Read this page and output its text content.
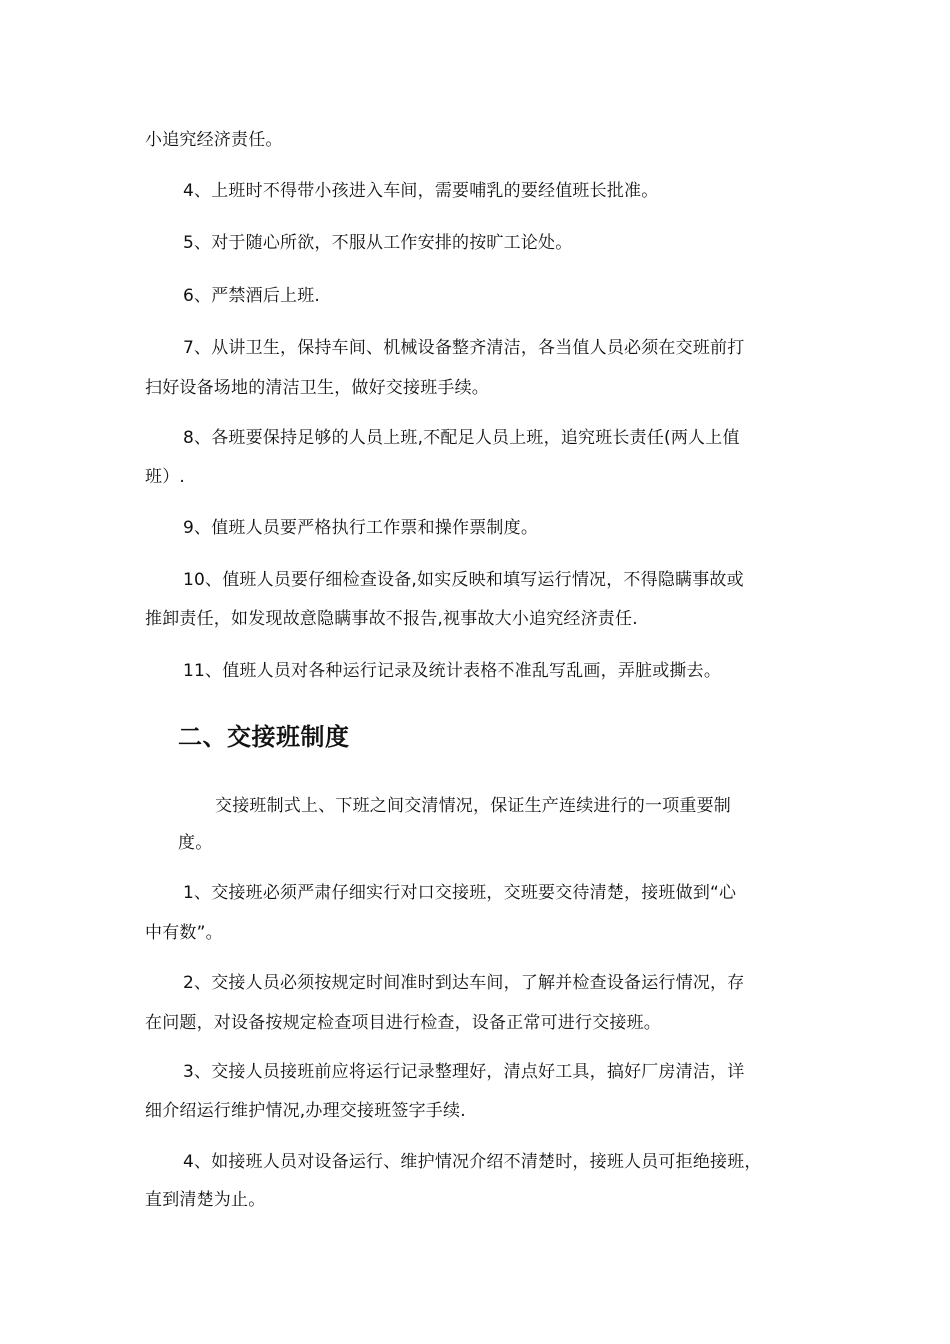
小追究经济责任。
4、上班时不得带小孩进入车间，需要哺乳的要经值班长批准。
5、对于随心所欲，不服从工作安排的按旷工论处。
6、严禁酒后上班.
7、从讲卫生，保持车间、机械设备整齐清洁，各当值人员必须在交班前打
扫好设备场地的清洁卫生，做好交接班手续。
8、各班要保持足够的人员上班,不配足人员上班，追究班长责任(两人上值
班）.
9、值班人员要严格执行工作票和操作票制度。
10、值班人员要仔细检查设备,如实反映和填写运行情况，不得隐瞒事故或
推卸责任，如发现故意隐瞒事故不报告,视事故大小追究经济责任.
11、值班人员对各种运行记录及统计表格不准乱写乱画，弄脏或撕去。
二、交接班制度
交接班制式上、下班之间交清情况，保证生产连续进行的一项重要制
度。
1、交接班必须严肃仔细实行对口交接班，交班要交待清楚，接班做到“心
中有数”。
2、交接人员必须按规定时间准时到达车间，了解并检查设备运行情况，存
在问题，对设备按规定检查项目进行检查，设备正常可进行交接班。
3、交接人员接班前应将运行记录整理好，清点好工具，搞好厂房清洁，详
细介绍运行维护情况,办理交接班签字手续.
4、如接班人员对设备运行、维护情况介绍不清楚时，接班人员可拒绝接班，
直到清楚为止。
